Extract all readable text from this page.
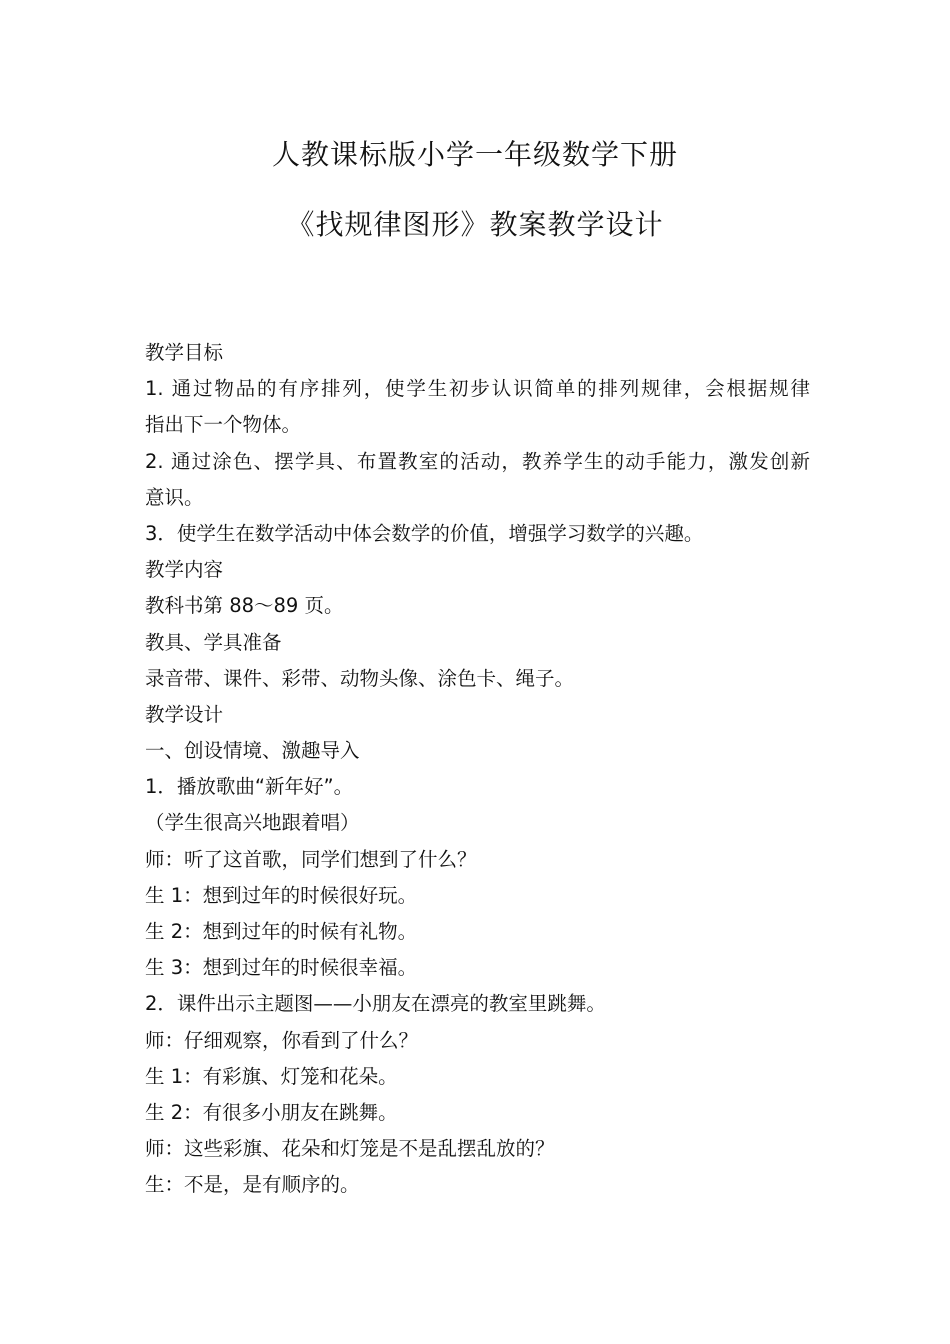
人教课标版小学一年级数学下册
《找规律图形》教案教学设计
教学目标
1. 通过物品的有序排列，使学生初步认识简单的排列规律，会根据规律
指出下一个物体。
2. 通过涂色、摆学具、布置教室的活动，教养学生的动手能力，激发创新
意识。
3．使学生在数学活动中体会数学的价值，增强学习数学的兴趣。
教学内容
教科书第 88～89 页。
教具、学具准备
录音带、课件、彩带、动物头像、涂色卡、绳子。
教学设计
一、创设情境、激趣导入
1．播放歌曲“新年好”。
（学生很高兴地跟着唱）
师：听了这首歌，同学们想到了什么？
生 1：想到过年的时候很好玩。
生 2：想到过年的时候有礼物。
生 3：想到过年的时候很幸福。
2．课件出示主题图——小朋友在漂亮的教室里跳舞。
师：仔细观察，你看到了什么？
生 1：有彩旗、灯笼和花朵。
生 2：有很多小朋友在跳舞。
师：这些彩旗、花朵和灯笼是不是乱摆乱放的？
生：不是，是有顺序的。
